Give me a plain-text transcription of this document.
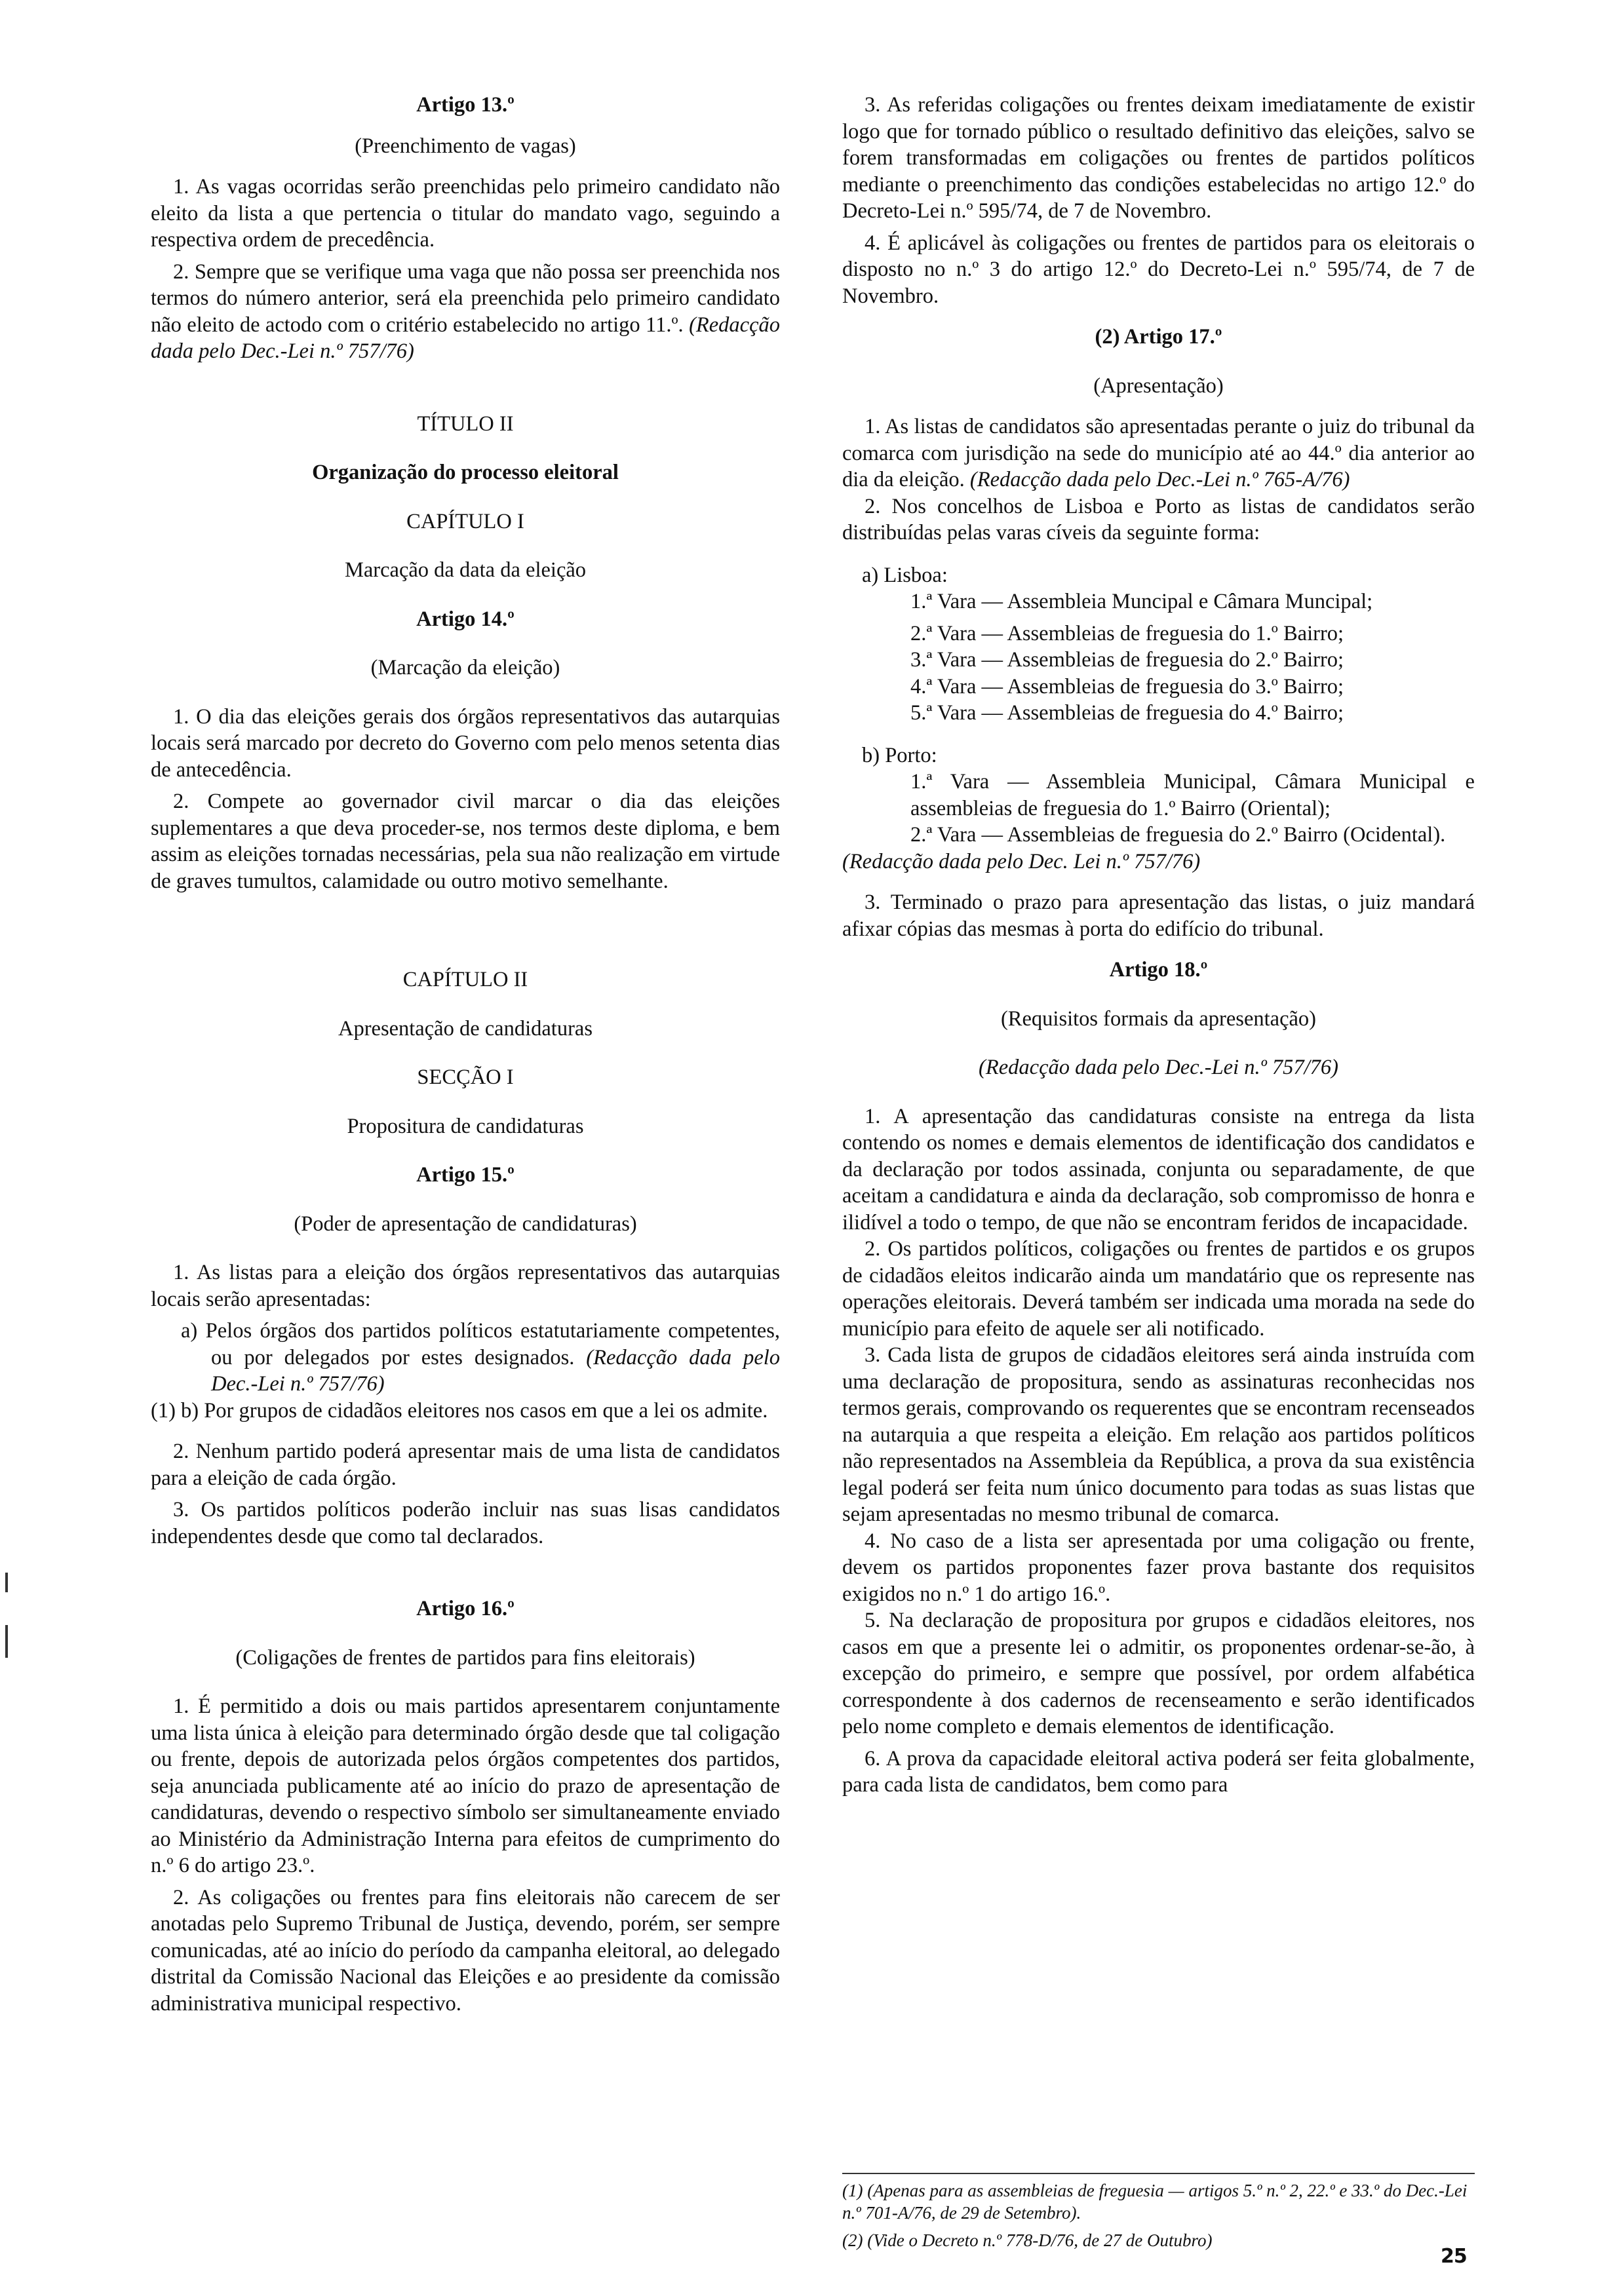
Artigo 13.º

(Preenchimento de vagas)

1. As vagas ocorridas serão preenchidas pelo primeiro candidato não eleito da lista a que pertencia o titular do mandato vago, seguindo a respectiva ordem de precedência.

2. Sempre que se verifique uma vaga que não possa ser preenchida nos termos do número anterior, será ela preenchida pelo primeiro candidato não eleito de actodo com o critério estabelecido no artigo 11.º. (Redacção dada pelo Dec.-Lei n.º 757/76)

TÍTULO II

Organização do processo eleitoral

CAPÍTULO I

Marcação da data da eleição

Artigo 14.º

(Marcação da eleição)

1. O dia das eleições gerais dos órgãos representativos das autarquias locais será marcado por decreto do Governo com pelo menos setenta dias de antecedência.

2. Compete ao governador civil marcar o dia das eleições suplementares a que deva proceder-se, nos termos deste diploma, e bem assim as eleições tornadas necessárias, pela sua não realização em virtude de graves tumultos, calamidade ou outro motivo semelhante.

CAPÍTULO II

Apresentação de candidaturas

SECÇÃO I

Propositura de candidaturas

Artigo 15.º

(Poder de apresentação de candidaturas)

1. As listas para a eleição dos órgãos representativos das autarquias locais serão apresentadas:

a) Pelos órgãos dos partidos políticos estatutariamente competentes, ou por delegados por estes designados. (Redacção dada pelo Dec.-Lei n.º 757/76)

(1) b) Por grupos de cidadãos eleitores nos casos em que a lei os admite.

2. Nenhum partido poderá apresentar mais de uma lista de candidatos para a eleição de cada órgão.

3. Os partidos políticos poderão incluir nas suas lisas candidatos independentes desde que como tal declarados.

Artigo 16.º

(Coligações de frentes de partidos para fins eleitorais)

1. É permitido a dois ou mais partidos apresentarem conjuntamente uma lista única à eleição para determinado órgão desde que tal coligação ou frente, depois de autorizada pelos órgãos competentes dos partidos, seja anunciada publicamente até ao início do prazo de apresentação de candidaturas, devendo o respectivo símbolo ser simultaneamente enviado ao Ministério da Administração Interna para efeitos de cumprimento do n.º 6 do artigo 23.º.

2. As coligações ou frentes para fins eleitorais não carecem de ser anotadas pelo Supremo Tribunal de Justiça, devendo, porém, ser sempre comunicadas, até ao início do período da campanha eleitoral, ao delegado distrital da Comissão Nacional das Eleições e ao presidente da comissão administrativa municipal respectivo.

3. As referidas coligações ou frentes deixam imediatamente de existir logo que for tornado público o resultado definitivo das eleições, salvo se forem transformadas em coligações ou frentes de partidos políticos mediante o preenchimento das condições estabelecidas no artigo 12.º do Decreto-Lei n.º 595/74, de 7 de Novembro.

4. É aplicável às coligações ou frentes de partidos para os eleitorais o disposto no n.º 3 do artigo 12.º do Decreto-Lei n.º 595/74, de 7 de Novembro.

(2) Artigo 17.º

(Apresentação)

1. As listas de candidatos são apresentadas perante o juiz do tribunal da comarca com jurisdição na sede do município até ao 44.º dia anterior ao dia da eleição. (Redacção dada pelo Dec.-Lei n.º 765-A/76)

2. Nos concelhos de Lisboa e Porto as listas de candidatos serão distribuídas pelas varas cíveis da seguinte forma:

a) Lisboa:

1.ª Vara — Assembleia Muncipal e Câmara Muncipal;

2.ª Vara — Assembleias de freguesia do 1.º Bairro;

3.ª Vara — Assembleias de freguesia do 2.º Bairro;

4.ª Vara — Assembleias de freguesia do 3.º Bairro;

5.ª Vara — Assembleias de freguesia do 4.º Bairro;

b) Porto:

1.ª Vara — Assembleia Municipal, Câmara Municipal e assembleias de freguesia do 1.º Bairro (Oriental);

2.ª Vara — Assembleias de freguesia do 2.º Bairro (Ocidental).

(Redacção dada pelo Dec. Lei n.º 757/76)

3. Terminado o prazo para apresentação das listas, o juiz mandará afixar cópias das mesmas à porta do edifício do tribunal.

Artigo 18.º

(Requisitos formais da apresentação)

(Redacção dada pelo Dec.-Lei n.º 757/76)

1. A apresentação das candidaturas consiste na entrega da lista contendo os nomes e demais elementos de identificação dos candidatos e da declaração por todos assinada, conjunta ou separadamente, de que aceitam a candidatura e ainda da declaração, sob compromisso de honra e ilidível a todo o tempo, de que não se encontram feridos de incapacidade.

2. Os partidos políticos, coligações ou frentes de partidos e os grupos de cidadãos eleitos indicarão ainda um mandatário que os represente nas operações eleitorais. Deverá também ser indicada uma morada na sede do município para efeito de aquele ser ali notificado.

3. Cada lista de grupos de cidadãos eleitores será ainda instruída com uma declaração de propositura, sendo as assinaturas reconhecidas nos termos gerais, comprovando os requerentes que se encontram recenseados na autarquia a que respeita a eleição. Em relação aos partidos políticos não representados na Assembleia da República, a prova da sua existência legal poderá ser feita num único documento para todas as suas listas que sejam apresentadas no mesmo tribunal de comarca.

4. No caso de a lista ser apresentada por uma coligação ou frente, devem os partidos proponentes fazer prova bastante dos requisitos exigidos no n.º 1 do artigo 16.º.

5. Na declaração de propositura por grupos e cidadãos eleitores, nos casos em que a presente lei o admitir, os proponentes ordenar-se-ão, à excepção do primeiro, e sempre que possível, por ordem alfabética correspondente à dos cadernos de recenseamento e serão identificados pelo nome completo e demais elementos de identificação.

6. A prova da capacidade eleitoral activa poderá ser feita globalmente, para cada lista de candidatos, bem como para

(1) (Apenas para as assembleias de freguesia — artigos 5.º n.º 2, 22.º e 33.º do Dec.-Lei n.º 701-A/76, de 29 de Setembro).

(2) (Vide o Decreto n.º 778-D/76, de 27 de Outubro)

25
